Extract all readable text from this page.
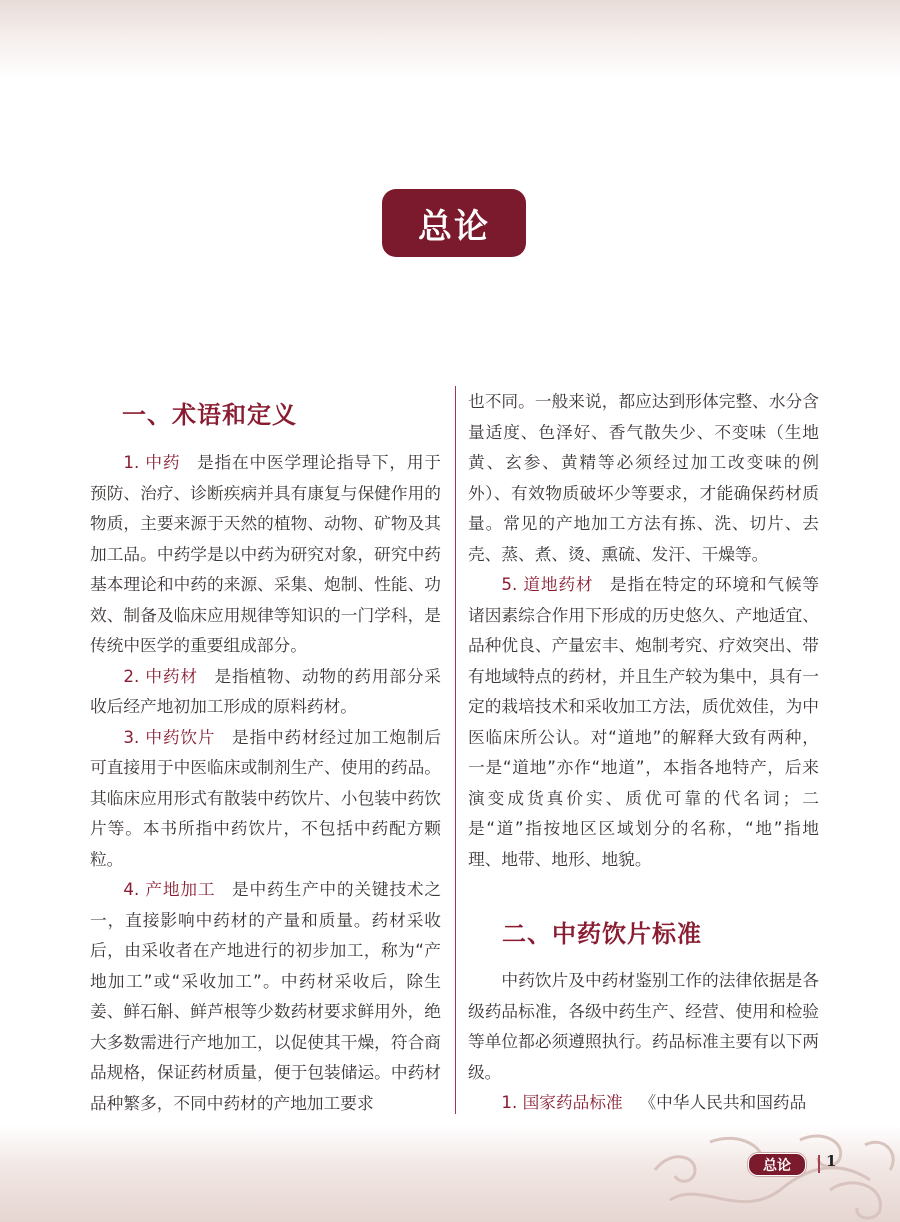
总论
一、术语和定义

1. 中药 是指在中医学理论指导下，用于预防、治疗、诊断疾病并具有康复与保健作用的物质，主要来源于天然的植物、动物、矿物及其加工品。中药学是以中药为研究对象，研究中药基本理论和中药的来源、采集、炮制、性能、功效、制备及临床应用规律等知识的一门学科，是传统中医学的重要组成部分。

2. 中药材 是指植物、动物的药用部分采收后经产地初加工形成的原料药材。

3. 中药饮片 是指中药材经过加工炮制后可直接用于中医临床或制剂生产、使用的药品。其临床应用形式有散装中药饮片、小包装中药饮片等。本书所指中药饮片，不包括中药配方颗粒。

4. 产地加工 是中药生产中的关键技术之一，直接影响中药材的产量和质量。药材采收后，由采收者在产地进行的初步加工，称为“产地加工”或“采收加工”。中药材采收后，除生姜、鲜石斛、鲜芦根等少数药材要求鲜用外，绝大多数需进行产地加工，以促使其干燥，符合商品规格，保证药材质量，便于包装储运。中药材品种繁多，不同中药材的产地加工要求

也不同。一般来说，都应达到形体完整、水分含量适度、色泽好、香气散失少、不变味（生地黄、玄参、黄精等必须经过加工改变味的例外）、有效物质破坏少等要求，才能确保药材质量。常见的产地加工方法有拣、洗、切片、去壳、蒸、煮、烫、熏硫、发汗、干燥等。

5. 道地药材 是指在特定的环境和气候等诸因素综合作用下形成的历史悠久、产地适宜、品种优良、产量宏丰、炮制考究、疗效突出、带有地域特点的药材，并且生产较为集中，具有一定的栽培技术和采收加工方法，质优效佳，为中医临床所公认。对“道地”的解释大致有两种，一是“道地”亦作“地道”，本指各地特产，后来演变成货真价实、质优可靠的代名词；二是“道”指按地区区域划分的名称，“地”指地理、地带、地形、地貌。

二、中药饮片标准

中药饮片及中药材鉴别工作的法律依据是各级药品标准，各级中药生产、经营、使用和检验等单位都必须遵照执行。药品标准主要有以下两级。

1. 国家药品标准 《中华人民共和国药品

总论	1
